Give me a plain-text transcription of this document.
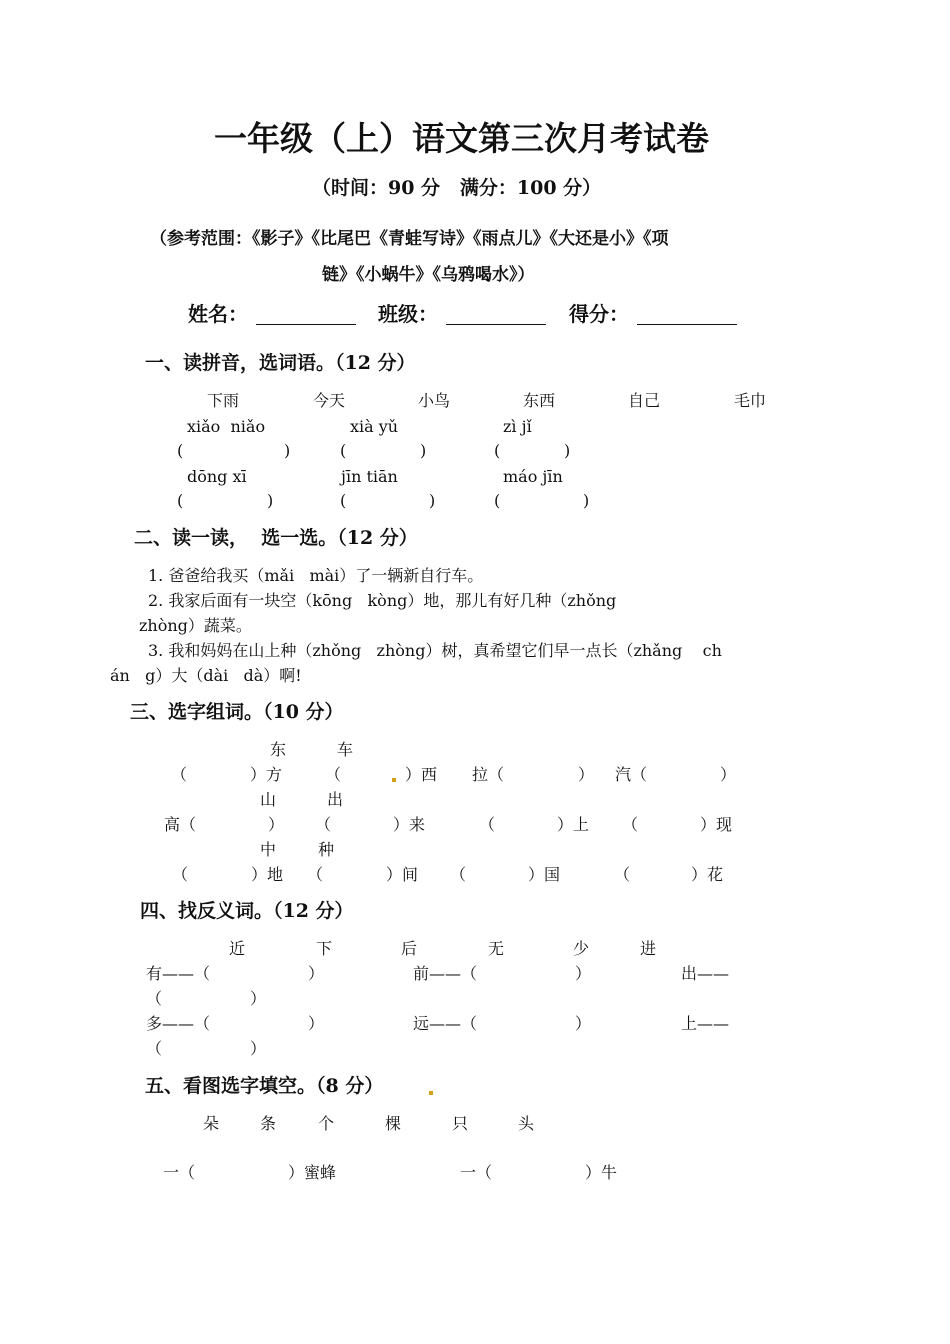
一年级（上）语文第三次月考试卷
（时间：90 分   满分：100 分）
（参考范围：《影子》《比尾巴《青蛙写诗》《雨点儿》《大还是小》《项
链》《小蜗牛》《乌鸦喝水》）
姓名：	班级：	得分：
一、读拼音，选词语。（12 分）
下雨	今天	小鸟	东西	自己	毛巾
xiǎo  niǎo	xià yǔ	zì jǐ
(	)	(	)	(	)
dōng xī	jīn tiān	máo jīn
(	)	(	)	(	)
二、读一读，  选一选。（12 分）
1. 爸爸给我买（mǎi   mài）了一辆新自行车。
2. 我家后面有一块空（kōng   kòng）地，那儿有好几种（zhǒng
zhòng）蔬菜。
3. 我和妈妈在山上种（zhǒng   zhòng）树，真希望它们早一点长（zhǎng    ch
án   g）大（dài   dà）啊!
三、选字组词。（10 分）
东	车
（	）方	（	）西 拉（	） 汽（	）
山	出
高（	） （	）来	（	）上 （	）现
中	种
（	）地 （	）间 （	）国	（	）花
四、找反义词。（12 分）
近	下	后	无	少	进
有——（	）	前——（	）	出——
（	）
多——（	）	远——（	）	上——
（	）
五、看图选字填空。（8 分）
朵	条	个	棵	只	头
一（	）蜜蜂	一（	）牛
